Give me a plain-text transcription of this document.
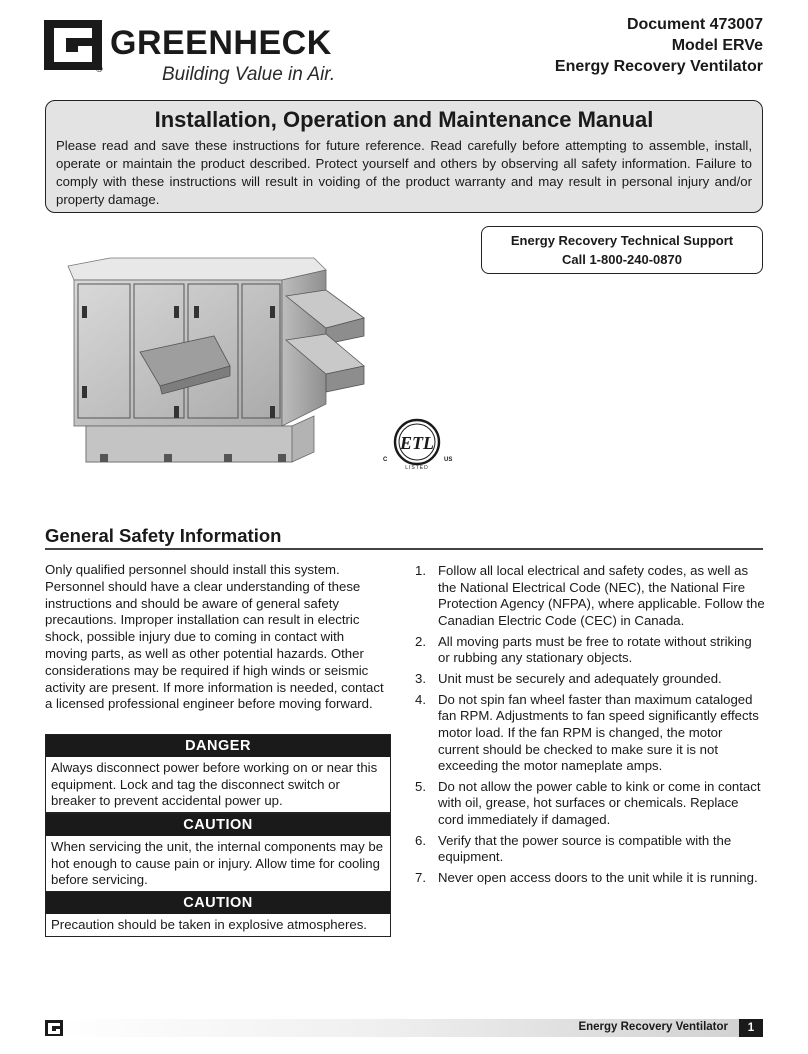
®
GREENHECK
Building Value in Air.
Document 473007
Model ERVe
Energy Recovery Ventilator
Installation, Operation and Maintenance Manual

Please read and save these instructions for future reference. Read carefully before attempting to assemble, install, operate or maintain the product described. Protect yourself and others by observing all safety information. Failure to comply with these instructions will result in voiding of the product warranty and may result in personal injury and/or property damage.

Energy Recovery Technical Support
Call 1-800-240-0870
ETL
C	US
LISTED
General Safety Information
Only qualified personnel should install this system. Personnel should have a clear understanding of these instructions and should be aware of general safety precautions. Improper installation can result in electric shock, possible injury due to coming in contact with moving parts, as well as other potential hazards. Other considerations may be required if high winds or seismic activity are present. If more information is needed, contact a licensed professional engineer before moving forward.
DANGER
Always disconnect power before working on or near this equipment. Lock and tag the disconnect switch or breaker to prevent accidental power up.
CAUTION
When servicing the unit, the internal components may be hot enough to cause pain or injury. Allow time for cooling before servicing.
CAUTION
Precaution should be taken in explosive atmospheres.
1. Follow all local electrical and safety codes, as well as the National Electrical Code (NEC), the National Fire Protection Agency (NFPA), where applicable. Follow the Canadian Electric Code (CEC) in Canada.
2. All moving parts must be free to rotate without striking or rubbing any stationary objects.
3. Unit must be securely and adequately grounded.
4. Do not spin fan wheel faster than maximum cataloged fan RPM. Adjustments to fan speed significantly effects motor load. If the fan RPM is changed, the motor current should be checked to make sure it is not exceeding the motor nameplate amps.
5. Do not allow the power cable to kink or come in contact with oil, grease, hot surfaces or chemicals. Replace cord immediately if damaged.
6. Verify that the power source is compatible with the equipment.
7. Never open access doors to the unit while it is running.
Energy Recovery Ventilator	1
